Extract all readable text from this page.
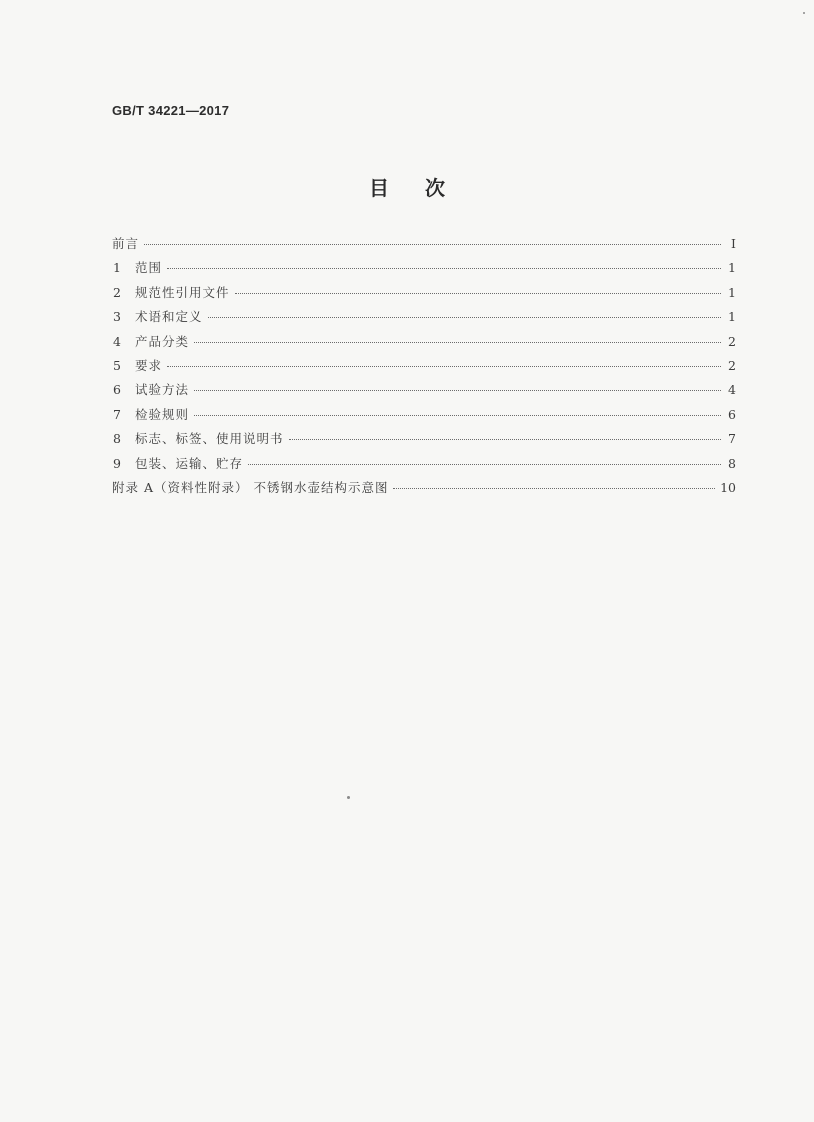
GB/T 34221—2017
目 次
前言	I
1	范围	1
2	规范性引用文件	1
3	术语和定义	1
4	产品分类	2
5	要求	2
6	试验方法	4
7	检验规则	6
8	标志、标签、使用说明书	7
9	包装、运输、贮存	8
附录 A（资料性附录） 不锈钢水壶结构示意图	10
